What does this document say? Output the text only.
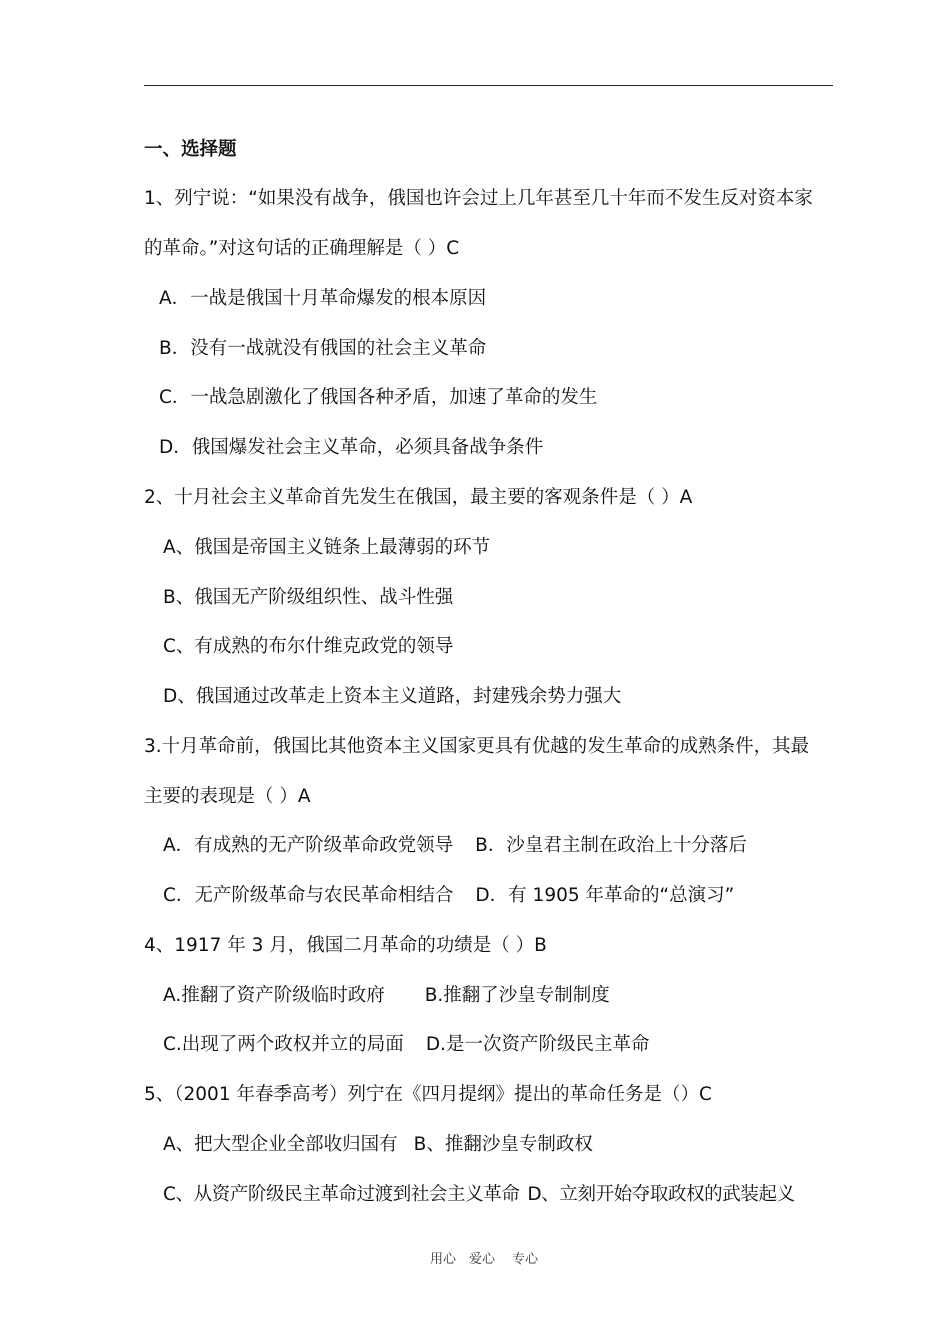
一、选择题
1、列宁说：“如果没有战争，俄国也许会过上几年甚至几十年而不发生反对资本家
的革命。”对这句话的正确理解是（ ）C
A．一战是俄国十月革命爆发的根本原因
B．没有一战就没有俄国的社会主义革命
C．一战急剧激化了俄国各种矛盾，加速了革命的发生
D．俄国爆发社会主义革命，必须具备战争条件
2、十月社会主义革命首先发生在俄国，最主要的客观条件是（ ）A
A、俄国是帝国主义链条上最薄弱的环节
B、俄国无产阶级组织性、战斗性强
C、有成熟的布尔什维克政党的领导
D、俄国通过改革走上资本主义道路，封建残余势力强大
3.十月革命前，俄国比其他资本主义国家更具有优越的发生革命的成熟条件，其最
主要的表现是（ ）A
A．有成熟的无产阶级革命政党领导 B．沙皇君主制在政治上十分落后
C．无产阶级革命与农民革命相结合 D．有 1905 年革命的“总演习”
4、1917 年 3 月，俄国二月革命的功绩是（ ）B
A.推翻了资产阶级临时政府 B.推翻了沙皇专制制度
C.出现了两个政权并立的局面 D.是一次资产阶级民主革命
5、（2001 年春季高考）列宁在《四月提纲》提出的革命任务是（）C
A、把大型企业全部收归国有 B、推翻沙皇专制政权
C、从资产阶级民主革命过渡到社会主义革命 D、立刻开始夺取政权的武装起义
用心　爱心　 专心
